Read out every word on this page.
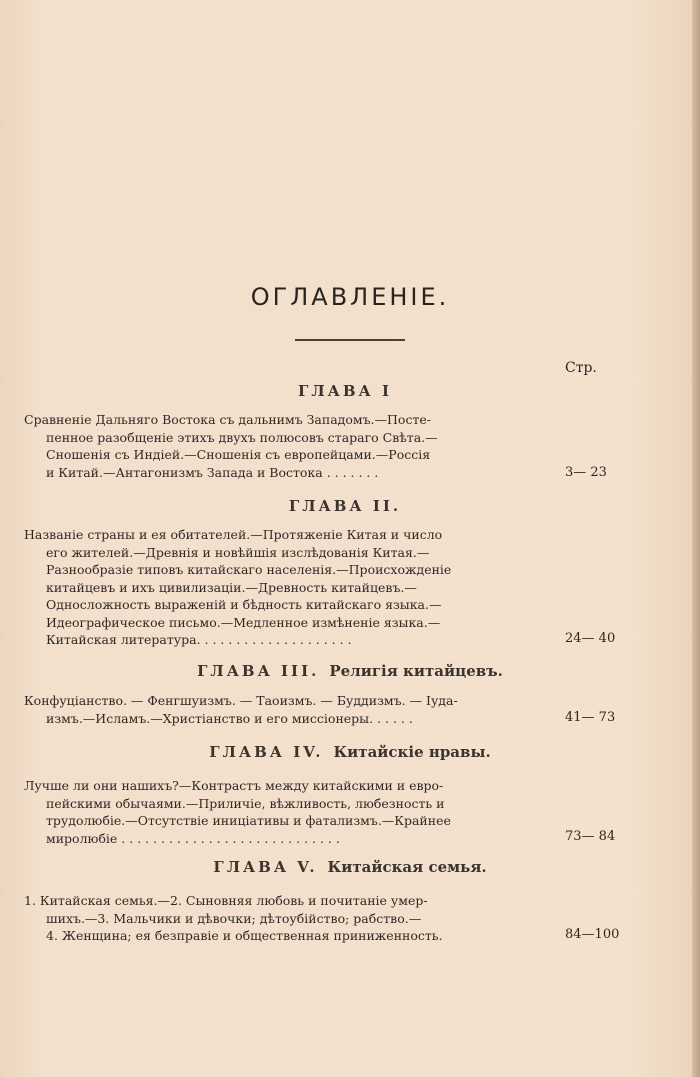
ОГЛАВЛЕНІЕ.
Стр.
ГЛАВА I
Сравненіе Дальняго Востока съ дальнимъ Западомъ.—Посте-
пенное разобщеніе этихъ двухъ полюсовъ стараго Свѣта.—
Сношенія съ Индіей.—Сношенія съ европейцами.—Россія
и Китай.—Антагонизмъ Запада и Востока . . . . . . .	3— 23
ГЛАВА II.
Названіе страны и ея обитателей.—Протяженіе Китая и число
его жителей.—Древнія и новѣйшія изслѣдованія Китая.—
Разнообразіе типовъ китайскаго населенія.—Происхожденіе
китайцевъ и ихъ цивилизаціи.—Древность китайцевъ.—
Односложность выраженій и бѣдность китайскаго языка.—
Идеографическое письмо.—Медленное измѣненіе языка.—
Китайская литература. . . . . . . . . . . . . . . . . . . .	24— 40
ГЛАВА III. Религія китайцевъ.
Конфуціанство. — Фенгшуизмъ. — Таоизмъ. — Буддизмъ. — Іуда-
измъ.—Исламъ.—Христіанство и его миссіонеры. . . . . .	41— 73
ГЛАВА IV. Китайскіе нравы.
Лучше ли они нашихъ?—Контрастъ между китайскими и евро-
пейскими обычаями.—Приличіе, вѣжливость, любезность и
трудолюбіе.—Отсутствіе иниціативы и фатализмъ.—Крайнее
миролюбіе . . . . . . . . . . . . . . . . . . . . . . . . . . . .	73— 84
ГЛАВА V. Китайская семья.
1. Китайская семья.—2. Сыновняя любовь и почитаніе умер-
шихъ.—3. Мальчики и дѣвочки; дѣтоубійство; рабство.—
4. Женщина; ея безправіе и общественная приниженность.	84—100
